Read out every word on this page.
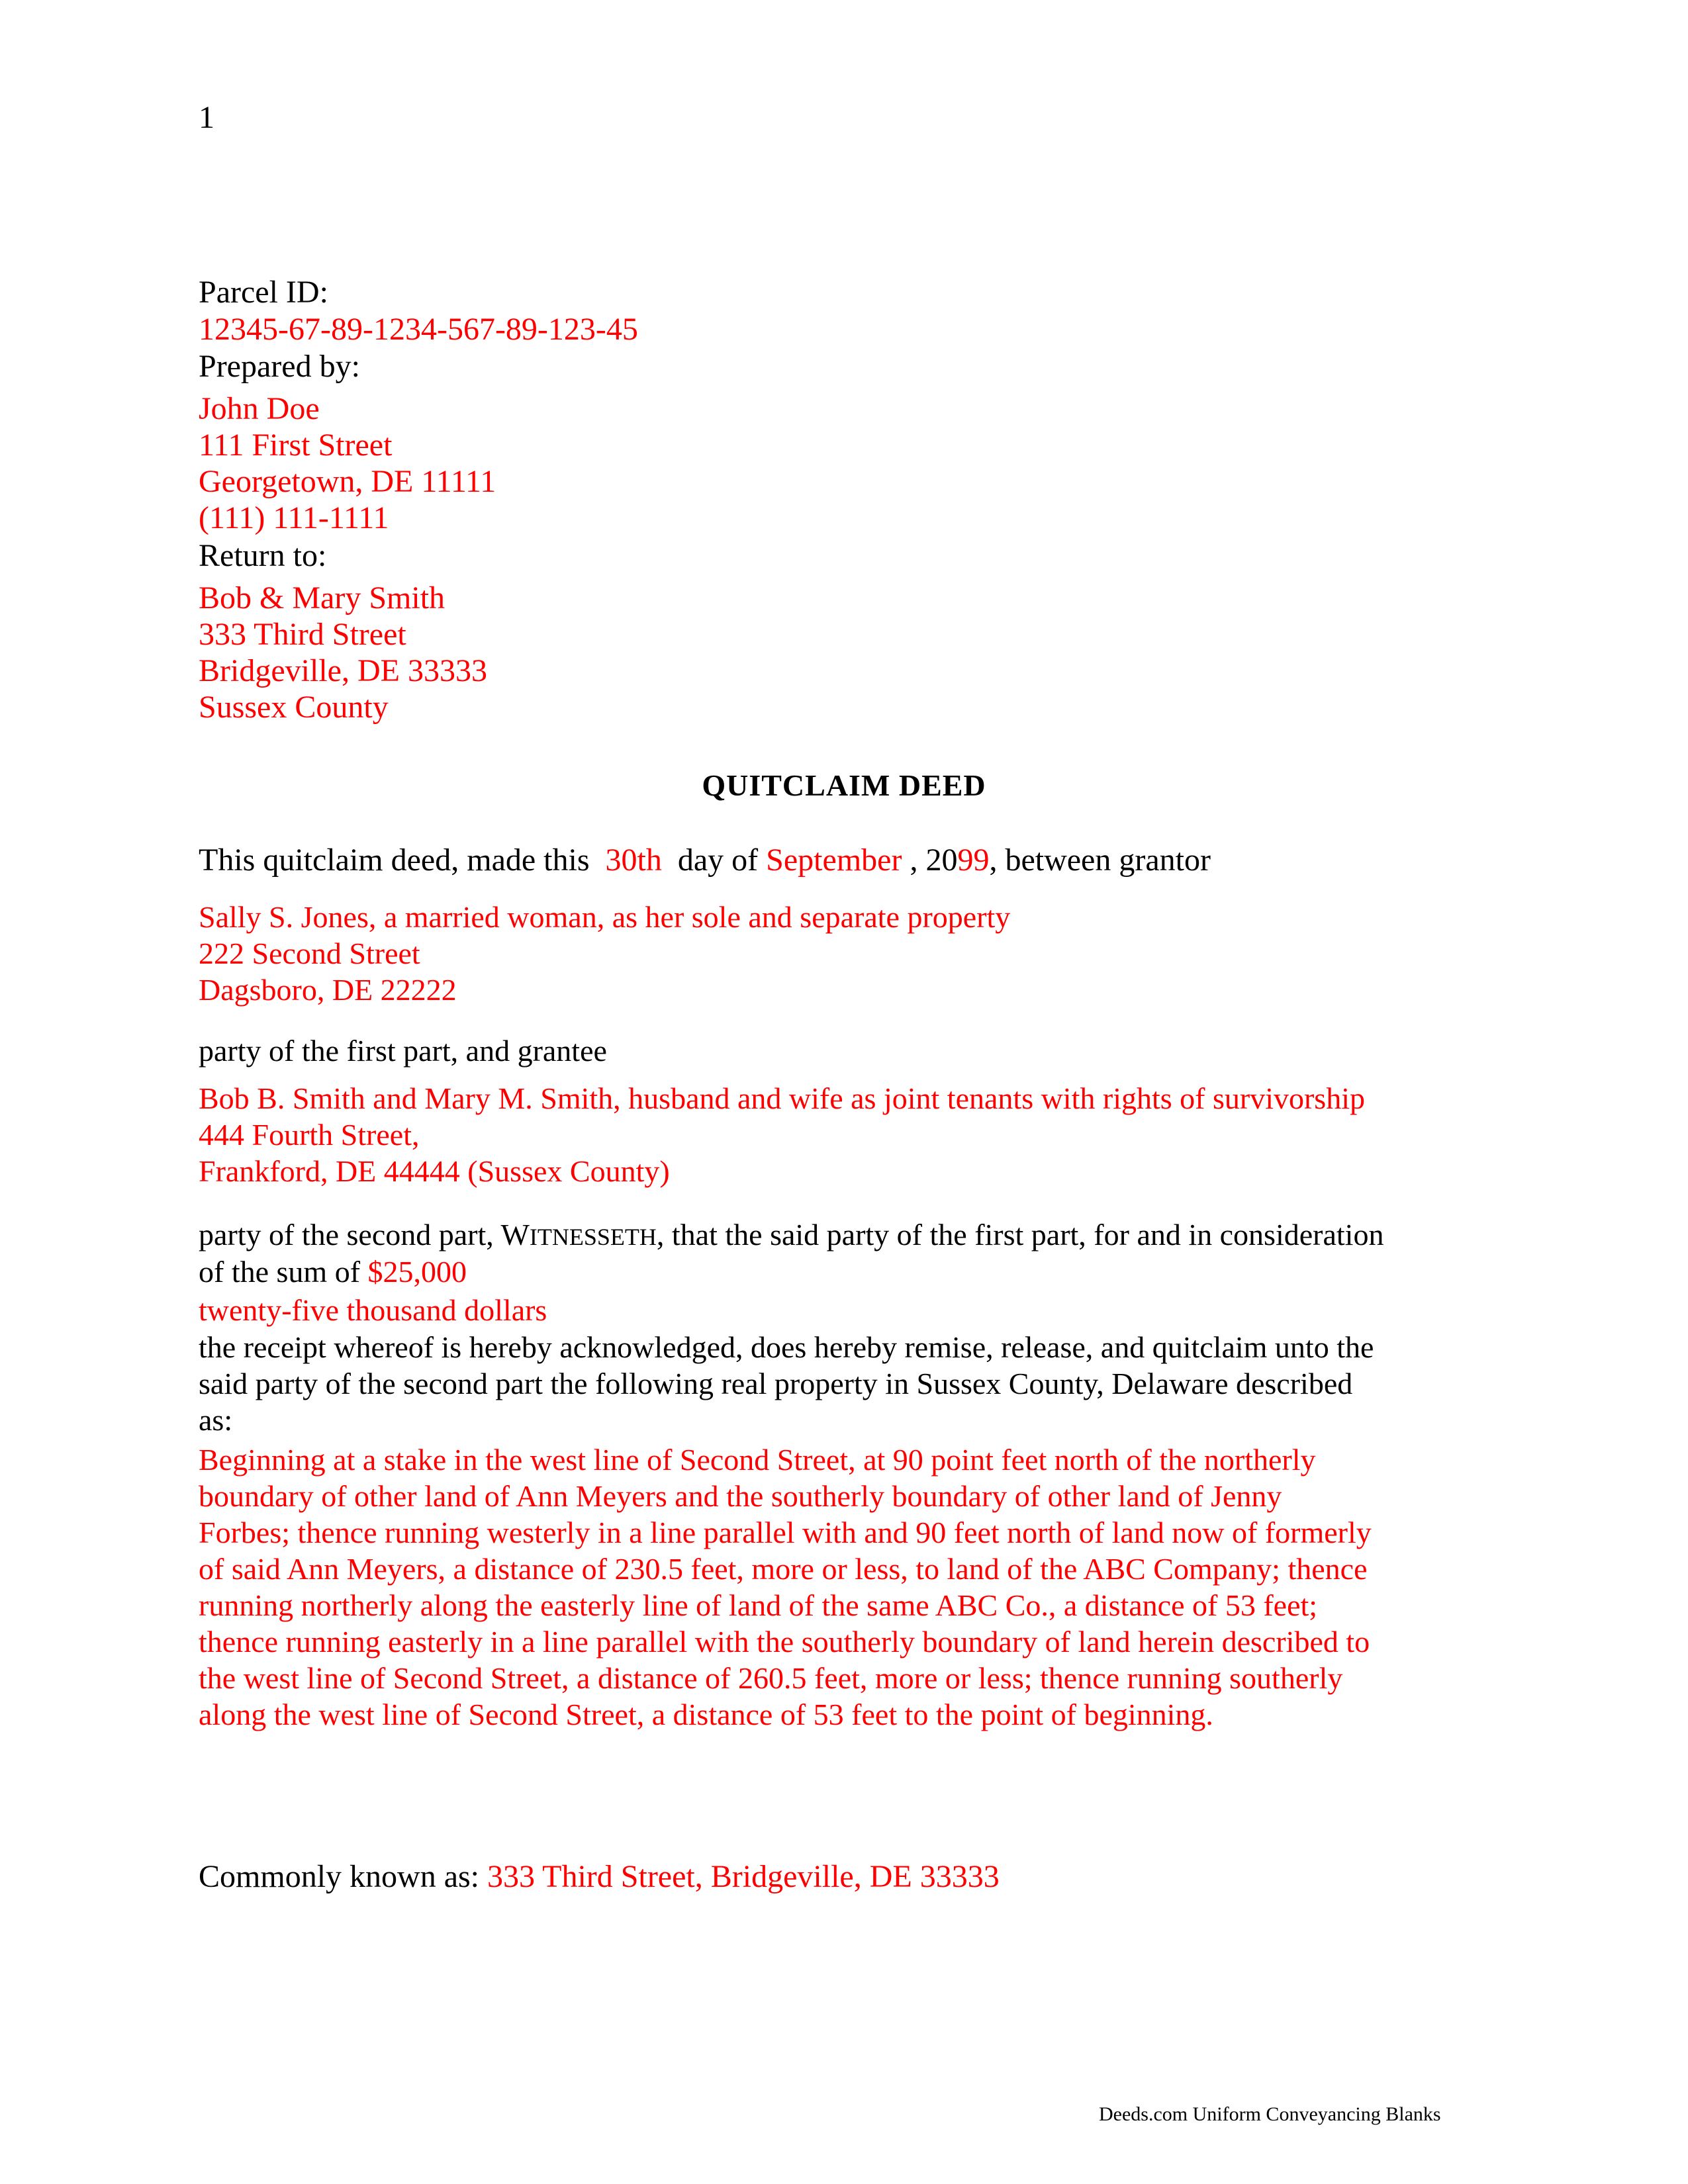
1
Parcel ID:
12345-67-89-1234-567-89-123-45
Prepared by:
John Doe
111 First Street
Georgetown, DE 11111
(111) 111-1111
Return to:
Bob & Mary Smith
333 Third Street
Bridgeville, DE 33333
Sussex County
QUITCLAIM DEED
This quitclaim deed, made this 30th day of September , 2099, between grantor
Sally S. Jones, a married woman, as her sole and separate property
222 Second Street
Dagsboro, DE 22222
party of the first part, and grantee
Bob B. Smith and Mary M. Smith, husband and wife as joint tenants with rights of survivorship
444 Fourth Street,
Frankford, DE 44444 (Sussex County)
party of the second part, WITNESSETH, that the said party of the first part, for and in consideration
of the sum of $25,000
twenty-five thousand dollars
the receipt whereof is hereby acknowledged, does hereby remise, release, and quitclaim unto the
said party of the second part the following real property in Sussex County, Delaware described
as:
Beginning at a stake in the west line of Second Street, at 90 point feet north of the northerly
boundary of other land of Ann Meyers and the southerly boundary of other land of Jenny
Forbes; thence running westerly in a line parallel with and 90 feet north of land now of formerly
of said Ann Meyers, a distance of 230.5 feet, more or less, to land of the ABC Company; thence
running northerly along the easterly line of land of the same ABC Co., a distance of 53 feet;
thence running easterly in a line parallel with the southerly boundary of land herein described to
the west line of Second Street, a distance of 260.5 feet, more or less; thence running southerly
along the west line of Second Street, a distance of 53 feet to the point of beginning.
Commonly known as: 333 Third Street, Bridgeville, DE 33333
Deeds.com Uniform Conveyancing Blanks
